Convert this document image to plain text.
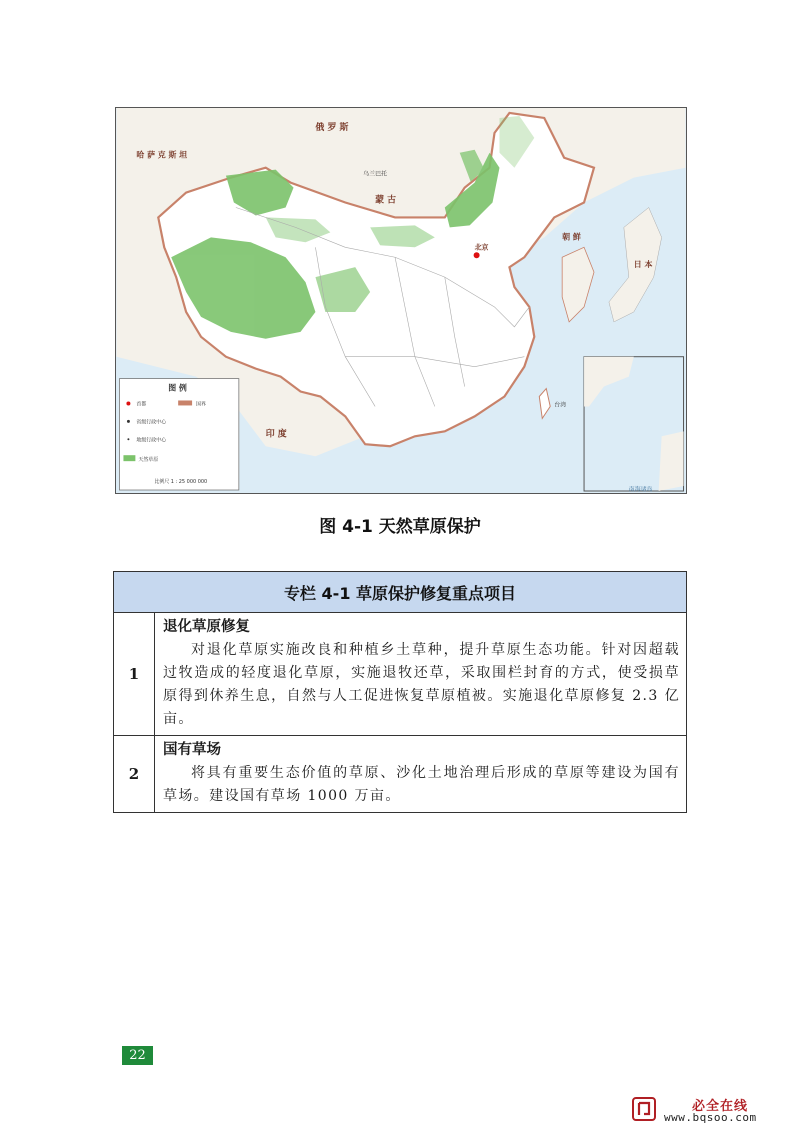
北京
俄 罗 斯
哈 萨 克 斯 坦
蒙 古
乌兰巴托
朝 鲜
日 本
印 度
台湾
南海诸岛
图 例
首都	国界
省级行政中心
地级行政中心
天然草原
比例尺 1 : 25 000 000
图 4-1 天然草原保护
专栏 4-1 草原保护修复重点项目	
1	退化草原修复
对退化草原实施改良和种植乡土草种，提升草原生态功能。针对因超载过牧造成的轻度退化草原，实施退牧还草，采取围栏封育的方式，使受损草原得到休养生息，自然与人工促进恢复草原植被。实施退化草原修复 2.3 亿亩。

2	国有草场
将具有重要生态价值的草原、沙化土地治理后形成的草原等建设为国有草场。建设国有草场 1000 万亩。
22
必全在线
www.bqsoo.com
